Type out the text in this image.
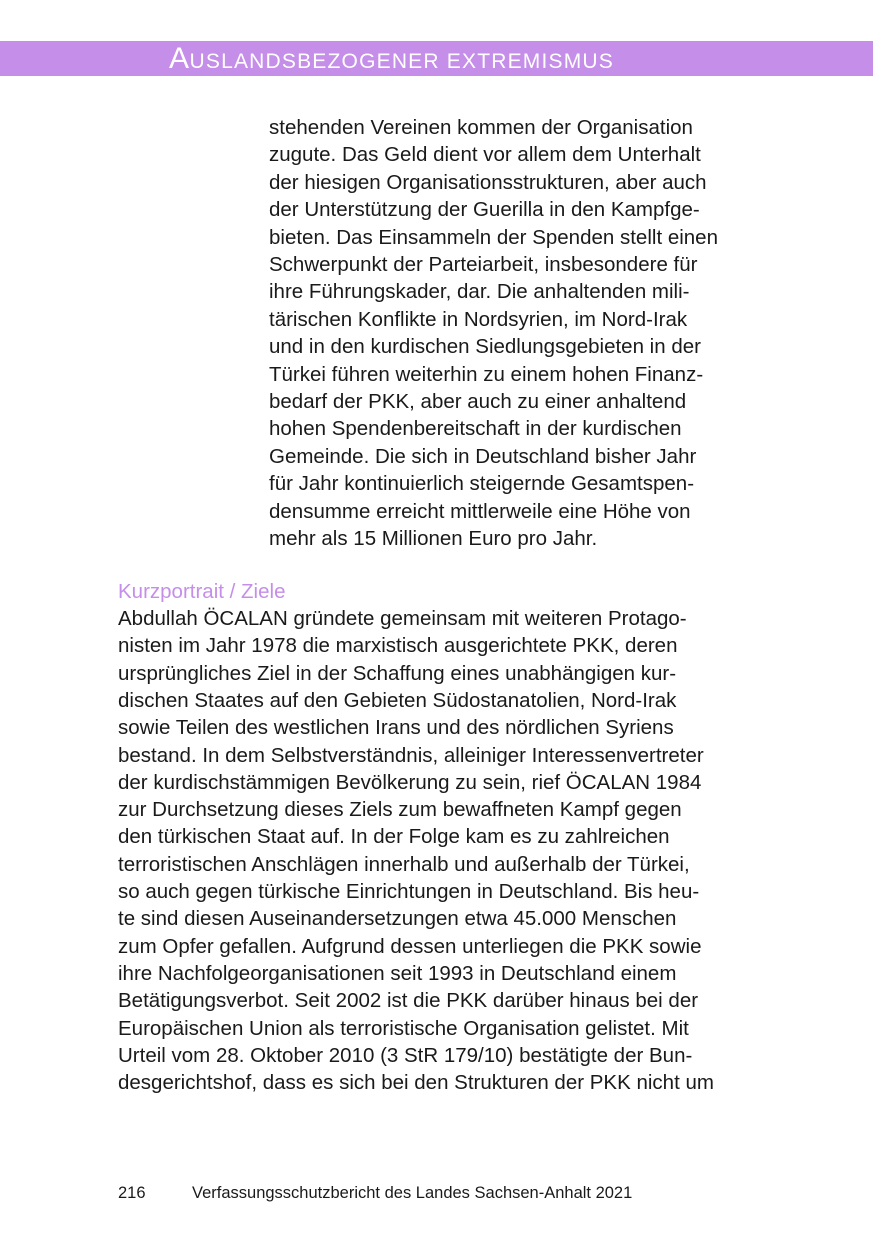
AUSLANDSBEZOGENER EXTREMISMUS
stehenden Vereinen kommen der Organisation
zugute. Das Geld dient vor allem dem Unterhalt
der hiesigen Organisationsstrukturen, aber auch
der Unterstützung der Guerilla in den Kampfge-
bieten. Das Einsammeln der Spenden stellt einen
Schwerpunkt der Parteiarbeit, insbesondere für
ihre Führungskader, dar. Die anhaltenden mili-
tärischen Konflikte in Nordsyrien, im Nord-Irak
und in den kurdischen Siedlungsgebieten in der
Türkei führen weiterhin zu einem hohen Finanz-
bedarf der PKK, aber auch zu einer anhaltend
hohen Spendenbereitschaft in der kurdischen
Gemeinde. Die sich in Deutschland bisher Jahr
für Jahr kontinuierlich steigernde Gesamtspen-
densumme erreicht mittlerweile eine Höhe von
mehr als 15 Millionen Euro pro Jahr.
Kurzportrait / Ziele
Abdullah ÖCALAN gründete gemeinsam mit weiteren Protago-
nisten im Jahr 1978 die marxistisch ausgerichtete PKK, deren
ursprüngliches Ziel in der Schaffung eines unabhängigen kur-
dischen Staates auf den Gebieten Südostanatolien, Nord-Irak
sowie Teilen des westlichen Irans und des nördlichen Syriens
bestand. In dem Selbstverständnis, alleiniger Interessenvertreter
der kurdischstämmigen Bevölkerung zu sein, rief ÖCALAN 1984
zur Durchsetzung dieses Ziels zum bewaffneten Kampf gegen
den türkischen Staat auf. In der Folge kam es zu zahlreichen
terroristischen Anschlägen innerhalb und außerhalb der Türkei,
so auch gegen türkische Einrichtungen in Deutschland. Bis heu-
te sind diesen Auseinandersetzungen etwa 45.000 Menschen
zum Opfer gefallen. Aufgrund dessen unterliegen die PKK sowie
ihre Nachfolgeorganisationen seit 1993 in Deutschland einem
Betätigungsverbot. Seit 2002 ist die PKK darüber hinaus bei der
Europäischen Union als terroristische Organisation gelistet. Mit
Urteil vom 28. Oktober 2010 (3 StR 179/10) bestätigte der Bun-
desgerichtshof, dass es sich bei den Strukturen der PKK nicht um
216	Verfassungsschutzbericht des Landes Sachsen-Anhalt 2021
